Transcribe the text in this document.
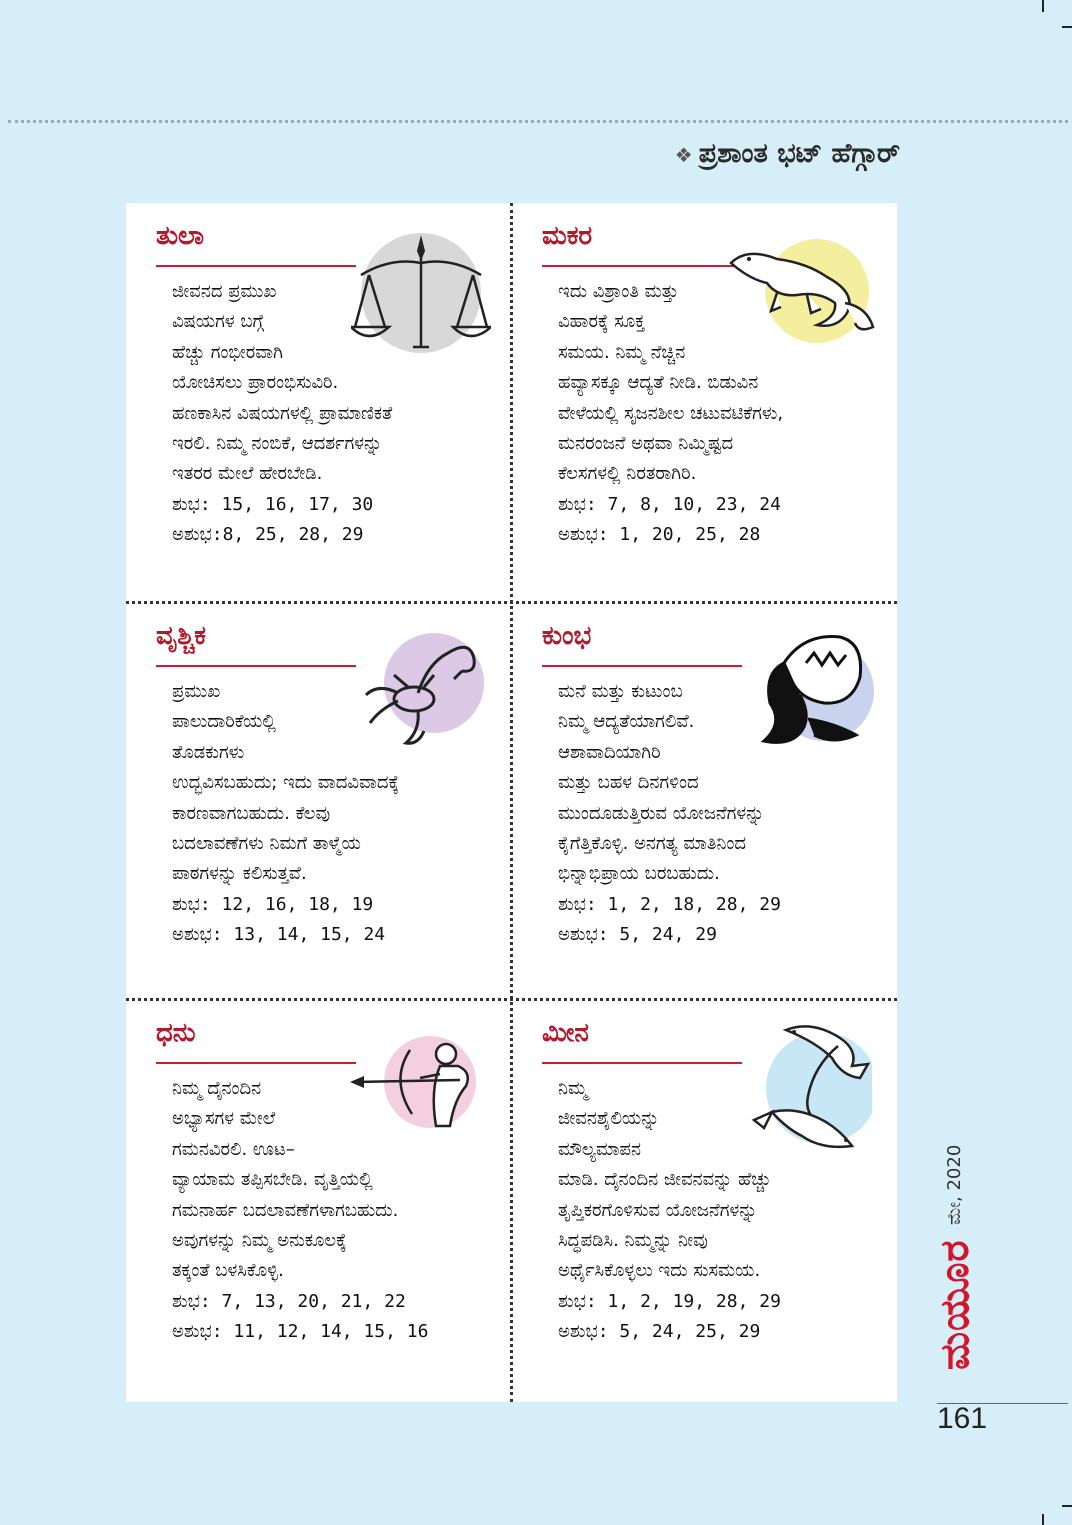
❖ ಪ್ರಶಾಂತ ಭಟ್ ಹೆಗ್ಗಾರ್
ತುಲಾ

ಜೀವನದ ಪ್ರಮುಖ

ವಿಷಯಗಳ ಬಗ್ಗೆ

ಹೆಚ್ಚು ಗಂಭೀರವಾಗಿ

ಯೋಚಿಸಲು ಪ್ರಾರಂಭಿಸುವಿರಿ.

ಹಣಕಾಸಿನ ವಿಷಯಗಳಲ್ಲಿ ಪ್ರಾಮಾಣಿಕತೆ

ಇರಲಿ. ನಿಮ್ಮ ನಂಬಿಕೆ, ಆದರ್ಶಗಳನ್ನು

ಇತರರ ಮೇಲೆ ಹೇರಬೇಡಿ.

ಶುಭ: 15, 16, 17, 30

ಅಶುಭ:8, 25, 28, 29

ಮಕರ

ಇದು ವಿಶ್ರಾಂತಿ ಮತ್ತು

ವಿಹಾರಕ್ಕೆ ಸೂಕ್ತ

ಸಮಯ. ನಿಮ್ಮ ನೆಚ್ಚಿನ

ಹವ್ಯಾಸಕ್ಕೂ ಆದ್ಯತೆ ನೀಡಿ. ಬಿಡುವಿನ

ವೇಳೆಯಲ್ಲಿ ಸೃಜನಶೀಲ ಚಟುವಟಿಕೆಗಳು,

ಮನರಂಜನೆ ಅಥವಾ ನಿಮ್ಮಿಷ್ಟದ

ಕೆಲಸಗಳಲ್ಲಿ ನಿರತರಾಗಿರಿ.

ಶುಭ: 7, 8, 10, 23, 24

ಅಶುಭ: 1, 20, 25, 28

ವೃಶ್ಚಿಕ

ಪ್ರಮುಖ

ಪಾಲುದಾರಿಕೆಯಲ್ಲಿ

ತೊಡಕುಗಳು

ಉದ್ಭವಿಸಬಹುದು; ಇದು ವಾದವಿವಾದಕ್ಕೆ

ಕಾರಣವಾಗಬಹುದು. ಕೆಲವು

ಬದಲಾವಣೆಗಳು ನಿಮಗೆ ತಾಳ್ಮೆಯ

ಪಾಠಗಳನ್ನು ಕಲಿಸುತ್ತವೆ.

ಶುಭ: 12, 16, 18, 19

ಅಶುಭ: 13, 14, 15, 24

ಕುಂಭ

ಮನೆ ಮತ್ತು ಕುಟುಂಬ

ನಿಮ್ಮ ಆದ್ಯತೆಯಾಗಲಿವೆ.

ಆಶಾವಾದಿಯಾಗಿರಿ

ಮತ್ತು ಬಹಳ ದಿನಗಳಿಂದ

ಮುಂದೂಡುತ್ತಿರುವ ಯೋಜನೆಗಳನ್ನು

ಕೈಗೆತ್ತಿಕೊಳ್ಳಿ. ಅನಗತ್ಯ ಮಾತಿನಿಂದ

ಭಿನ್ನಾಭಿಪ್ರಾಯ ಬರಬಹುದು.

ಶುಭ: 1, 2, 18, 28, 29

ಅಶುಭ: 5, 24, 29

ಧನು

ನಿಮ್ಮ ದೈನಂದಿನ

ಅಭ್ಯಾಸಗಳ ಮೇಲೆ

ಗಮನವಿರಲಿ. ಊಟ–

ವ್ಯಾಯಾಮ ತಪ್ಪಿಸಬೇಡಿ. ವೃತ್ತಿಯಲ್ಲಿ

ಗಮನಾರ್ಹ ಬದಲಾವಣೆಗಳಾಗಬಹುದು.

ಅವುಗಳನ್ನು ನಿಮ್ಮ ಅನುಕೂಲಕ್ಕೆ

ತಕ್ಕಂತೆ ಬಳಸಿಕೊಳ್ಳಿ.

ಶುಭ: 7, 13, 20, 21, 22

ಅಶುಭ: 11, 12, 14, 15, 16

ಮೀನ

ನಿಮ್ಮ

ಜೀವನಶೈಲಿಯನ್ನು

ಮೌಲ್ಯಮಾಪನ

ಮಾಡಿ. ದೈನಂದಿನ ಜೀವನವನ್ನು ಹೆಚ್ಚು

ತೃಪ್ತಿಕರಗೊಳಿಸುವ ಯೋಜನೆಗಳನ್ನು

ಸಿದ್ಧಪಡಿಸಿ. ನಿಮ್ಮನ್ನು ನೀವು

ಅರ್ಥೈಸಿಕೊಳ್ಳಲು ಇದು ಸುಸಮಯ.

ಶುಭ: 1, 2, 19, 28, 29

ಅಶುಭ: 5, 24, 25, 29

ಮೇ, 2020
ಮಯೂರ
161
